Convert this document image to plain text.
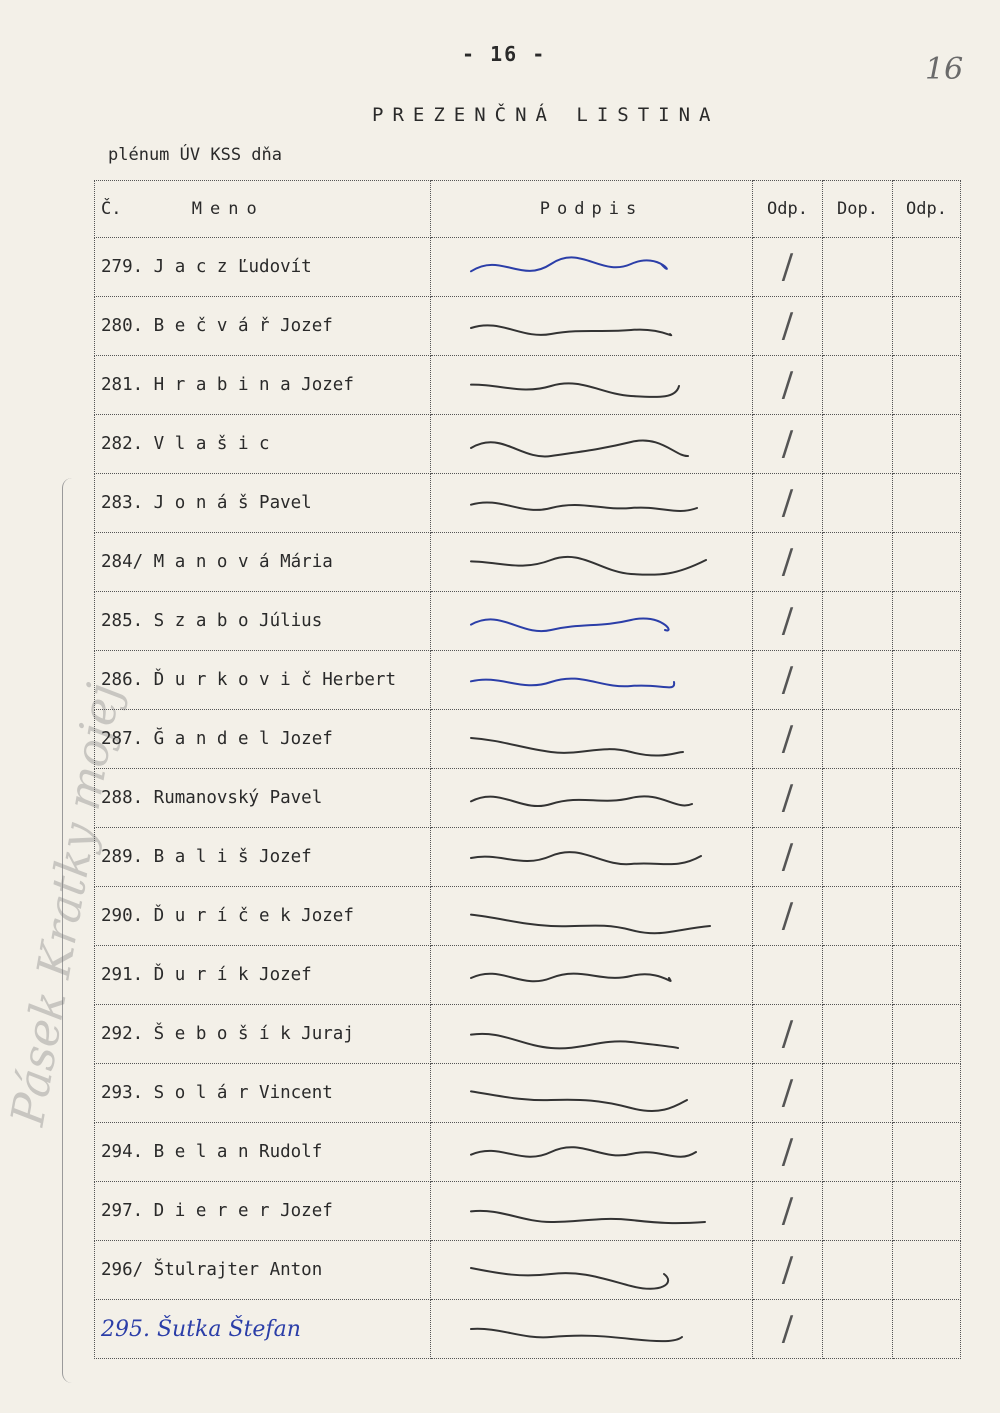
- 16 -	16
PREZENČNÁ LISTINA
plénum ÚV KSS dňa
Pásek Kratky mojej
Č. Meno	Podpis	Odp.	Dop.	Odp.
279. J a c z Ľudovít		/		
280. B e č v á ř Jozef		/		
281. H r a b i n a Jozef		/		
282. V l a š i c		/		
283. J o n á š Pavel		/		
284/ M a n o v á Mária		/		
285. S z a b o Július		/		
286. Ď u r k o v i č Herbert		/		
287. Ğ a n d e l Jozef		/		
288. Rumanovský Pavel		/		
289. B a l i š Jozef		/		
290. Ď u r í č e k Jozef		/		
291. Ď u r í k Jozef	

292. Š e b o š í k Juraj		/		
293. S o l á r Vincent		/		
294. B e l a n Rudolf		/		
297. D i e r e r Jozef		/		
296/ Štulrajter Anton		/		
295. Šutka Štefan		/		
